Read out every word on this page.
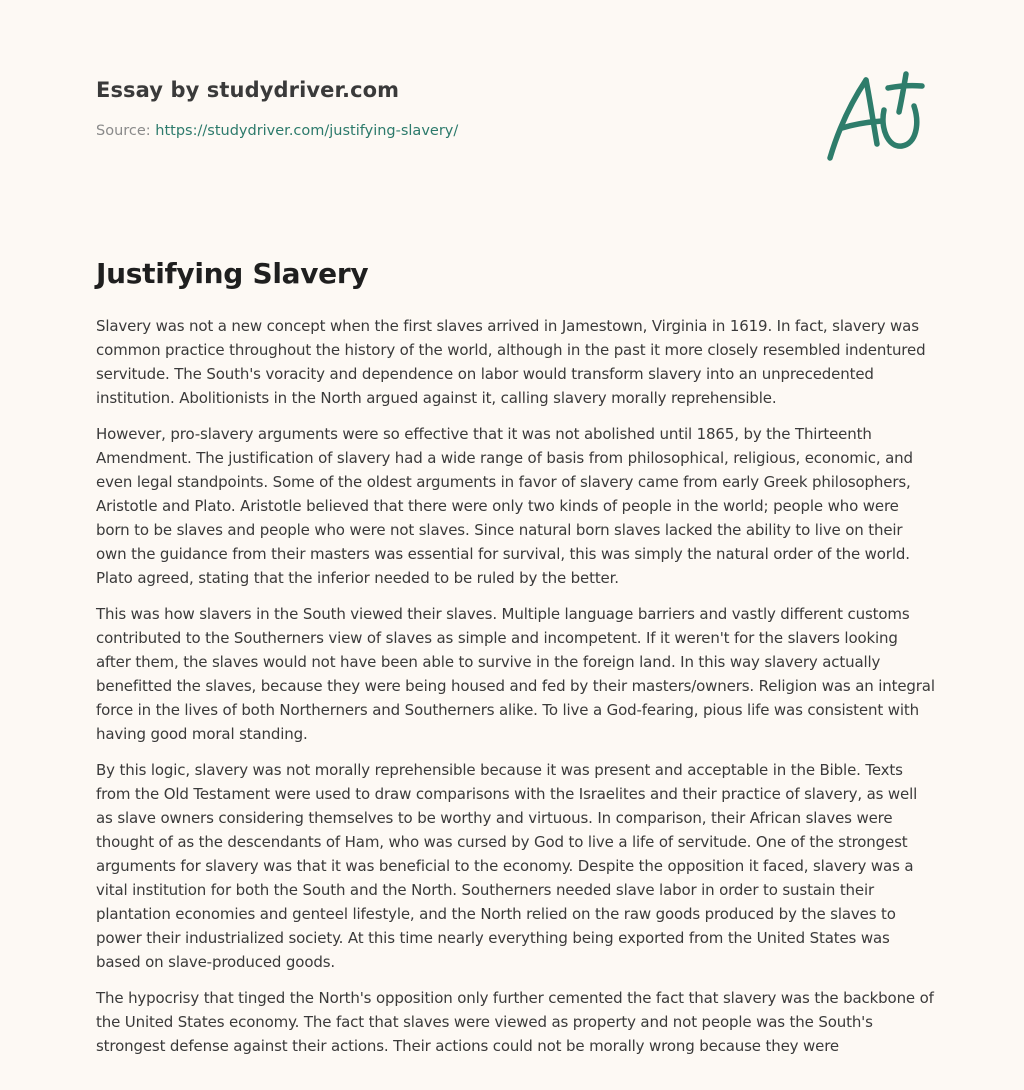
Essay by studydriver.com
Source: https://studydriver.com/justifying-slavery/
Justifying Slavery

Slavery was not a new concept when the first slaves arrived in Jamestown, Virginia in 1619. In fact, slavery was common practice throughout the history of the world, although in the past it more closely resembled indentured servitude. The South's voracity and dependence on labor would transform slavery into an unprecedented institution. Abolitionists in the North argued against it, calling slavery morally reprehensible.

However, pro-slavery arguments were so effective that it was not abolished until 1865, by the Thirteenth Amendment. The justification of slavery had a wide range of basis from philosophical, religious, economic, and even legal standpoints. Some of the oldest arguments in favor of slavery came from early Greek philosophers, Aristotle and Plato. Aristotle believed that there were only two kinds of people in the world; people who were born to be slaves and people who were not slaves. Since natural born slaves lacked the ability to live on their own the guidance from their masters was essential for survival, this was simply the natural order of the world. Plato agreed, stating that the inferior needed to be ruled by the better.

This was how slavers in the South viewed their slaves. Multiple language barriers and vastly different customs contributed to the Southerners view of slaves as simple and incompetent. If it weren't for the slavers looking after them, the slaves would not have been able to survive in the foreign land. In this way slavery actually benefitted the slaves, because they were being housed and fed by their masters/owners. Religion was an integral force in the lives of both Northerners and Southerners alike. To live a God-fearing, pious life was consistent with having good moral standing.

By this logic, slavery was not morally reprehensible because it was present and acceptable in the Bible. Texts from the Old Testament were used to draw comparisons with the Israelites and their practice of slavery, as well as slave owners considering themselves to be worthy and virtuous. In comparison, their African slaves were thought of as the descendants of Ham, who was cursed by God to live a life of servitude. One of the strongest arguments for slavery was that it was beneficial to the economy. Despite the opposition it faced, slavery was a vital institution for both the South and the North. Southerners needed slave labor in order to sustain their plantation economies and genteel lifestyle, and the North relied on the raw goods produced by the slaves to power their industrialized society. At this time nearly everything being exported from the United States was based on slave-produced goods.

The hypocrisy that tinged the North's opposition only further cemented the fact that slavery was the backbone of the United States economy. The fact that slaves were viewed as property and not people was the South's strongest defense against their actions. Their actions could not be morally wrong because they were
